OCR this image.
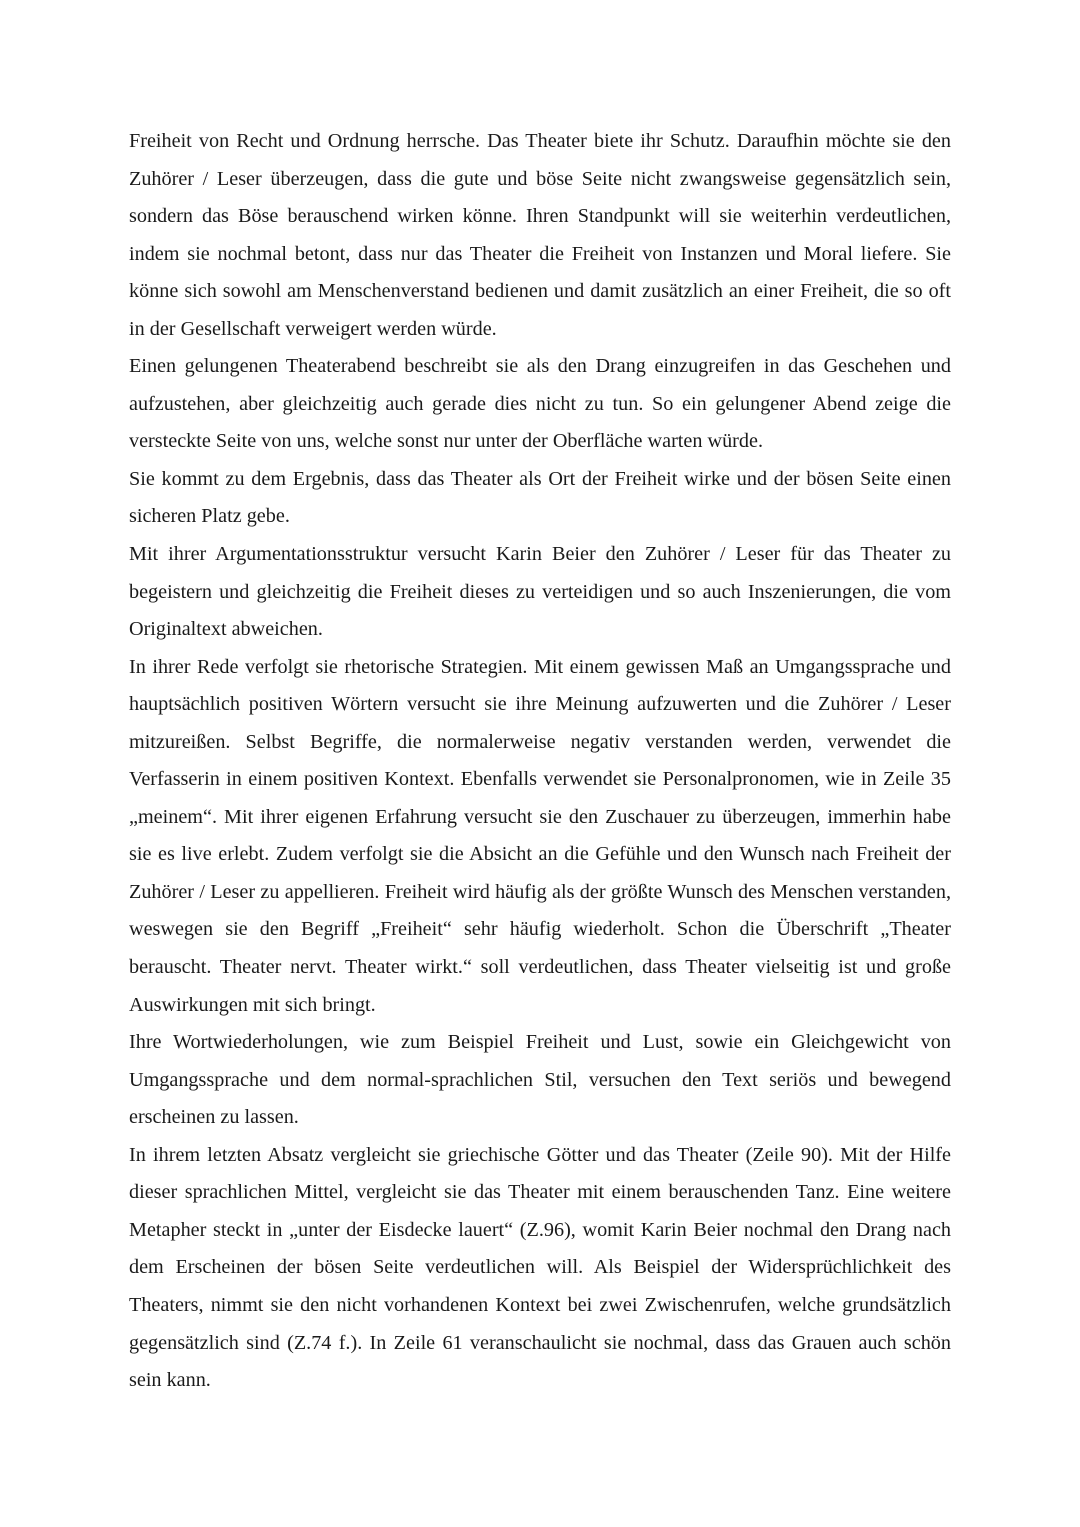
Freiheit von Recht und Ordnung herrsche. Das Theater biete ihr Schutz. Daraufhin möchte sie den Zuhörer / Leser überzeugen, dass die gute und böse Seite nicht zwangsweise gegensätzlich sein, sondern das Böse berauschend wirken könne. Ihren Standpunkt will sie weiterhin verdeutlichen, indem sie nochmal betont, dass nur das Theater die Freiheit von Instanzen und Moral liefere. Sie könne sich sowohl am Menschenverstand bedienen und damit zusätzlich an einer Freiheit, die so oft in der Gesellschaft verweigert werden würde.

Einen gelungenen Theaterabend beschreibt sie als den Drang einzugreifen in das Geschehen und aufzustehen, aber gleichzeitig auch gerade dies nicht zu tun. So ein gelungener Abend zeige die versteckte Seite von uns, welche sonst nur unter der Oberfläche warten würde.

Sie kommt zu dem Ergebnis, dass das Theater als Ort der Freiheit wirke und der bösen Seite einen sicheren Platz gebe.

Mit ihrer Argumentationsstruktur versucht Karin Beier den Zuhörer / Leser für das Theater zu begeistern und gleichzeitig die Freiheit dieses zu verteidigen und so auch Inszenierungen, die vom Originaltext abweichen.

In ihrer Rede verfolgt sie rhetorische Strategien. Mit einem gewissen Maß an Umgangssprache und hauptsächlich positiven Wörtern versucht sie ihre Meinung aufzuwerten und die Zuhörer / Leser mitzureißen. Selbst Begriffe, die normalerweise negativ verstanden werden, verwendet die Verfasserin in einem positiven Kontext. Ebenfalls verwendet sie Personalpronomen, wie in Zeile 35 „meinem“. Mit ihrer eigenen Erfahrung versucht sie den Zuschauer zu überzeugen, immerhin habe sie es live erlebt. Zudem verfolgt sie die Absicht an die Gefühle und den Wunsch nach Freiheit der Zuhörer / Leser zu appellieren. Freiheit wird häufig als der größte Wunsch des Menschen verstanden, weswegen sie den Begriff „Freiheit“ sehr häufig wiederholt. Schon die Überschrift „Theater berauscht. Theater nervt. Theater wirkt.“ soll verdeutlichen, dass Theater vielseitig ist und große Auswirkungen mit sich bringt.

Ihre Wortwiederholungen, wie zum Beispiel Freiheit und Lust, sowie ein Gleichgewicht von Umgangssprache und dem normal-sprachlichen Stil, versuchen den Text seriös und bewegend erscheinen zu lassen.

In ihrem letzten Absatz vergleicht sie griechische Götter und das Theater (Zeile 90). Mit der Hilfe dieser sprachlichen Mittel, vergleicht sie das Theater mit einem berauschenden Tanz. Eine weitere Metapher steckt in „unter der Eisdecke lauert“ (Z.96), womit Karin Beier nochmal den Drang nach dem Erscheinen der bösen Seite verdeutlichen will. Als Beispiel der Widersprüchlichkeit des Theaters, nimmt sie den nicht vorhandenen Kontext bei zwei Zwischenrufen, welche grundsätzlich gegensätzlich sind (Z.74 f.). In Zeile 61 veranschaulicht sie nochmal, dass das Grauen auch schön sein kann.
